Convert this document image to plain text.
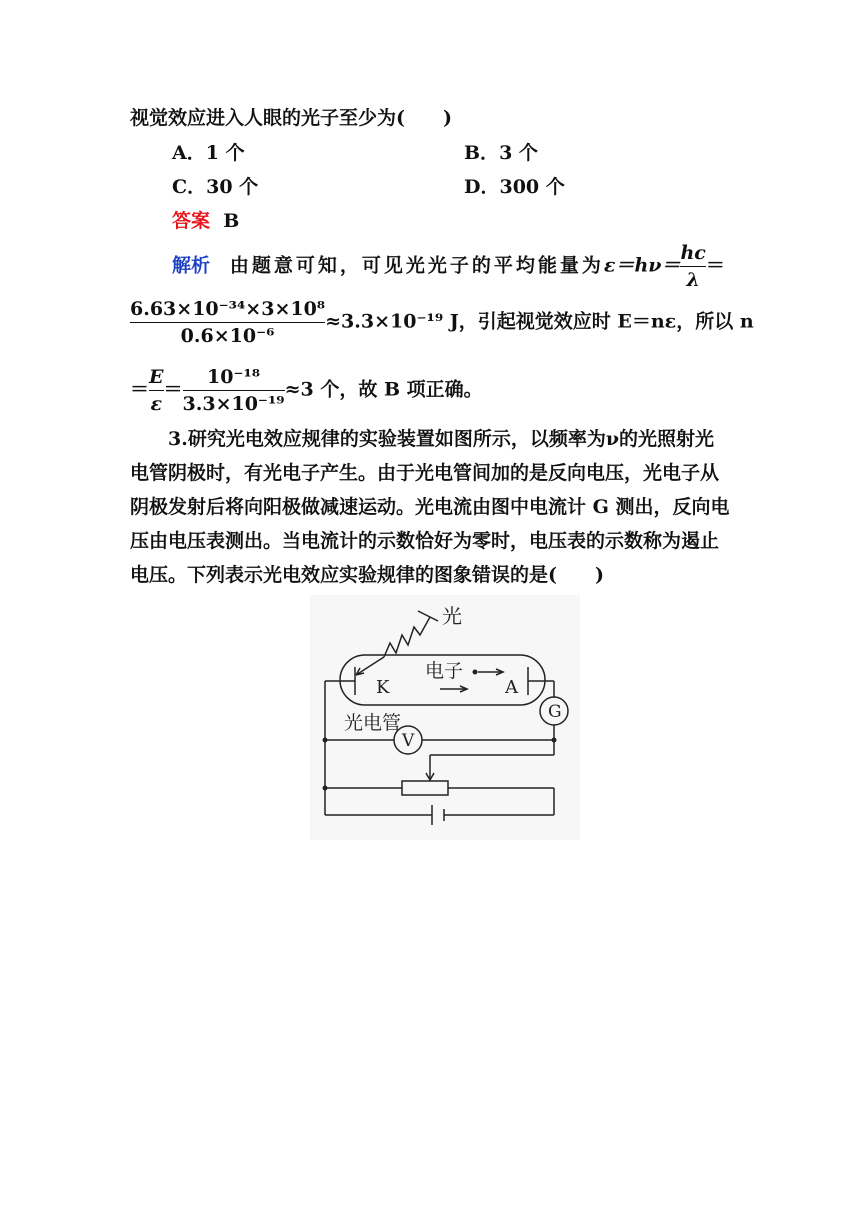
视觉效应进入人眼的光子至少为(　　)
A．1 个	B．3 个
C．30 个	D．300 个
答案 B
解析 由题意可知，可见光光子的平均能量为$\varepsilon=h\nu= \frac{hc}{\lambda}$ ＝
$\frac{\text{6.63×10⁻³⁴×3×10⁸}}{\text{0.6×10⁻⁶}} \approx 3.3\times 10^{-19}$ J，引起视觉效应时 E＝nε，所以 n
＝ $\frac{E}{\varepsilon} = \frac{\text{10⁻¹⁸}}{\text{3.3×10⁻¹⁹}} \approx 3$ 个，故 B 项正确。
3.研究光电效应规律的实验装置如图所示，以频率为ν的光照射光电管阴极时，有光电子产生。由于光电管间加的是反向电压，光电子从阴极发射后将向阳极做减速运动。光电流由图中电流计 G 测出，反向电压由电压表测出。当电流计的示数恰好为零时，电压表的示数称为遏止电压。下列表示光电效应实验规律的图象错误的是(　　)
光
电子
K	A
光电管	G
V
